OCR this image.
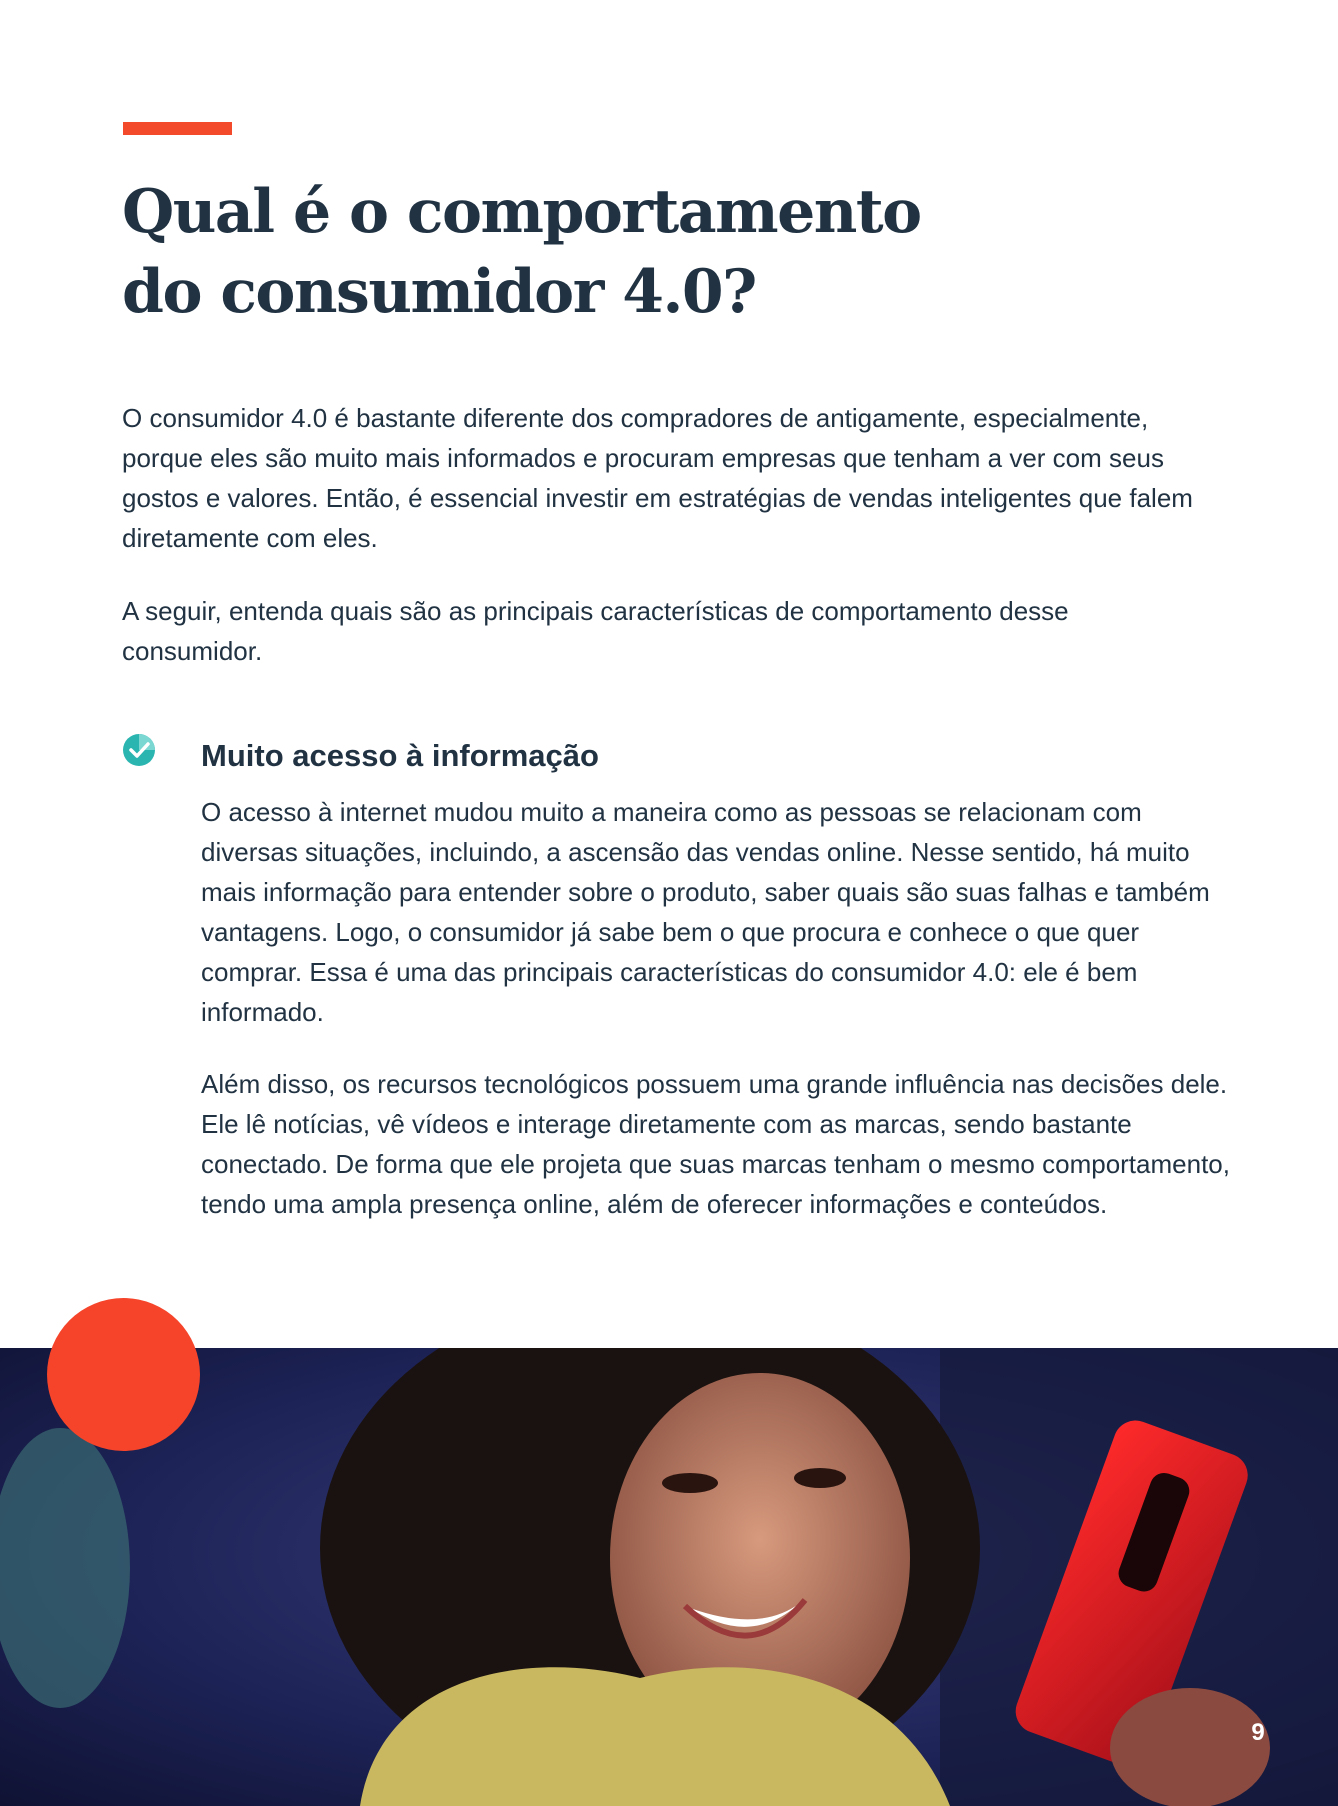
Qual é o comportamento
do consumidor 4.0?

O consumidor 4.0 é bastante diferente dos compradores de antigamente, especialmente, porque eles são muito mais informados e procuram empresas que tenham a ver com seus gostos e valores. Então, é essencial investir em estratégias de vendas inteligentes que falem diretamente com eles.

A seguir, entenda quais são as principais características de comportamento desse consumidor.

Muito acesso à informação

O acesso à internet mudou muito a maneira como as pessoas se relacionam com diversas situações, incluindo, a ascensão das vendas online. Nesse sentido, há muito mais informação para entender sobre o produto, saber quais são suas falhas e também vantagens. Logo, o consumidor já sabe bem o que procura e conhece o que quer comprar. Essa é uma das principais características do consumidor 4.0: ele é bem informado.

Além disso, os recursos tecnológicos possuem uma grande influência nas decisões dele. Ele lê notícias, vê vídeos e interage diretamente com as marcas, sendo bastante conectado. De forma que ele projeta que suas marcas tenham o mesmo comportamento, tendo uma ampla presença online, além de oferecer informações e conteúdos.

9
